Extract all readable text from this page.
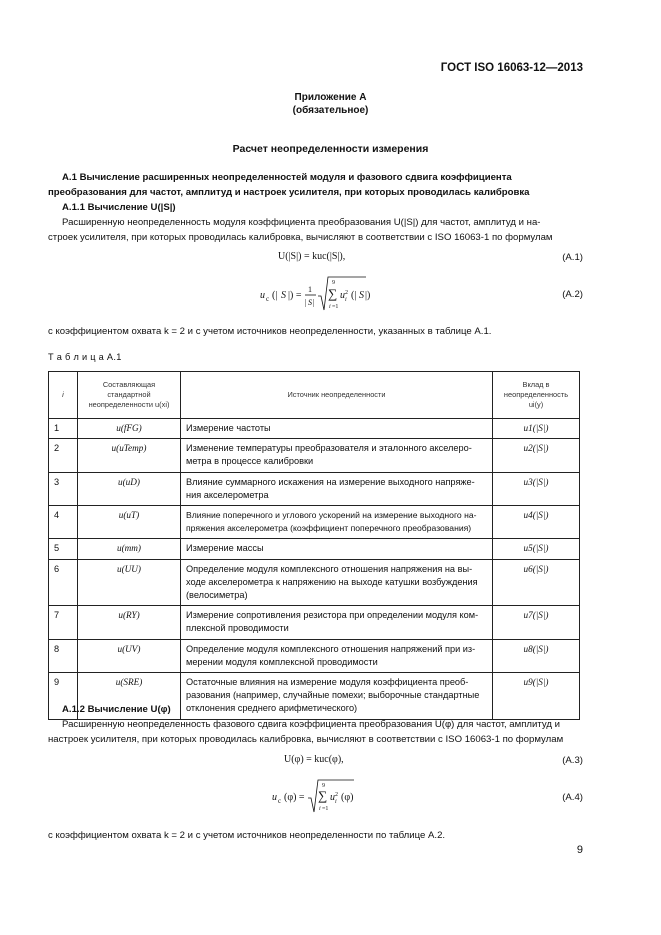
ГОСТ ISO 16063-12—2013
Приложение А
(обязательное)
Расчет неопределенности измерения
А.1 Вычисление расширенных неопределенностей модуля и фазового сдвига коэффициента
преобразования для частот, амплитуд и настроек усилителя, при которых проводилась калибровка
А.1.1 Вычисление U(|S|)
Расширенную неопределенность модуля коэффициента преобразования U(|S|) для частот, амплитуд и на-
строек усилителя, при которых проводилась калибровка, вычисляют в соответствии с ISO 16063-1 по формулам
U(|S|) = kuc(|S|),	(A.1)
u c (| S |) =
1
| S |
9
∑
i =1
u 2
i (| S |)	(A.2)
с коэффициентом охвата k = 2 и с учетом источников неопределенности, указанных в таблице А.1.
Т а б л и ц а А.1
i	Составляющая стандартной неопределенности u(xi)	Источник неопределенности	Вклад в неопределенность ui(y)
1	u(fFG)	Измерение частоты	u1(|S|)
2	u(uTemp)	Изменение температуры преобразователя и эталонного акселеро-метра в процессе калибровки	u2(|S|)
3	u(uD)	Влияние суммарного искажения на измерение выходного напряже-ния акселерометра	u3(|S|)
4	u(uT)	Влияние поперечного и углового ускорений на измерение выходного на-пряжения акселерометра (коэффициент поперечного преобразования)	u4(|S|)
5	u(mm)	Измерение массы	u5(|S|)
6	u(UU)	Определение модуля комплексного отношения напряжения на вы-ходе акселерометра к напряжению на выходе катушки возбуждения (велосиметра)	u6(|S|)
7	u(RY)	Измерение сопротивления резистора при определении модуля ком-плексной проводимости	u7(|S|)
8	u(UV)	Определение модуля комплексного отношения напряжений при из-мерении модуля комплексной проводимости	u8(|S|)
9	u(SRE)	Остаточные влияния на измерение модуля коэффициента преоб-разования (например, случайные помехи; выборочные стандартные отклонения среднего арифметического)	u9(|S|)
А.1.2 Вычисление U(φ)
Расширенную неопределенность фазового сдвига коэффициента преобразования U(φ) для частот, амплитуд и
настроек усилителя, при которых проводилась калибровка, вычисляют в соответствии с ISO 16063-1 по формулам
U(φ) = kuc(φ),	(A.3)
u c (φ) =
9
∑
i =1
u 2
i (φ)	(A.4)
с коэффициентом охвата k = 2 и с учетом источников неопределенности по таблице А.2.
9
